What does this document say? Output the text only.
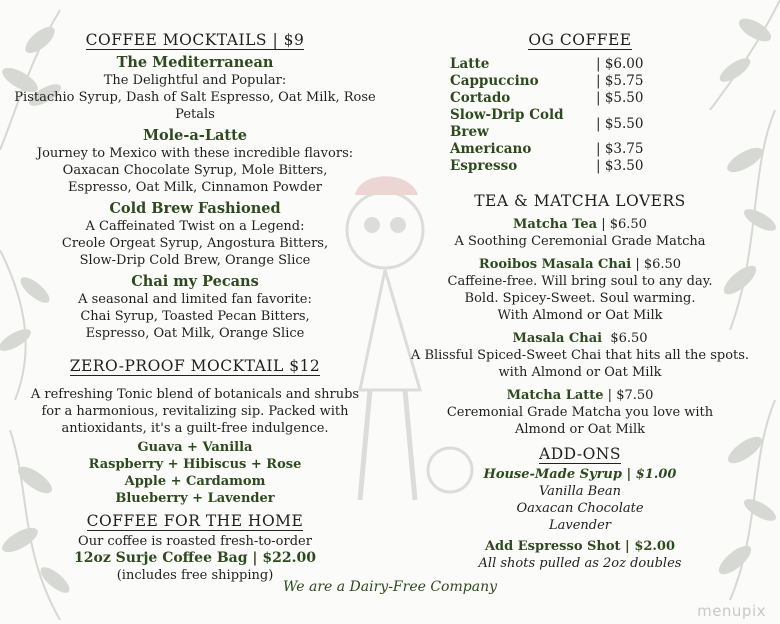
COFFEE MOCKTAILS | $9
The Mediterranean
The Delightful and Popular:
Pistachio Syrup, Dash of Salt Espresso, Oat Milk, Rose Petals
Mole-a-Latte
Journey to Mexico with these incredible flavors:
Oaxacan Chocolate Syrup, Mole Bitters,
Espresso, Oat Milk, Cinnamon Powder
Cold Brew Fashioned
A Caffeinated Twist on a Legend:
Creole Orgeat Syrup, Angostura Bitters,
Slow-Drip Cold Brew, Orange Slice
Chai my Pecans
A seasonal and limited fan favorite:
Chai Syrup, Toasted Pecan Bitters,
Espresso, Oat Milk, Orange Slice
ZERO-PROOF MOCKTAIL $12
A refreshing Tonic blend of botanicals and shrubs
for a harmonious, revitalizing sip. Packed with
antioxidants, it's a guilt-free indulgence.
Guava + Vanilla
Raspberry + Hibiscus + Rose
Apple + Cardamom
Blueberry + Lavender
COFFEE FOR THE HOME
Our coffee is roasted fresh-to-order
12oz Surje Coffee Bag | $22.00
(includes free shipping)
OG COFFEE
Latte	| $6.00
Cappuccino	| $5.75
Cortado	| $5.50
Slow-Drip Cold Brew	| $5.50
Americano	| $3.75
Espresso	| $3.50
TEA & MATCHA LOVERS
Matcha Tea | $6.50
A Soothing Ceremonial Grade Matcha
Rooibos Masala Chai | $6.50
Caffeine-free. Will bring soul to any day.
Bold. Spicey-Sweet. Soul warming.
With Almond or Oat Milk
Masala Chai  $6.50
A Blissful Spiced-Sweet Chai that hits all the spots.
with Almond or Oat Milk
Matcha Latte | $7.50
Ceremonial Grade Matcha you love with
Almond or Oat Milk
ADD-ONS
House-Made Syrup | $1.00
Vanilla Bean
Oaxacan Chocolate
Lavender
Add Espresso Shot | $2.00
All shots pulled as 2oz doubles
We are a Dairy-Free Company
menupix
